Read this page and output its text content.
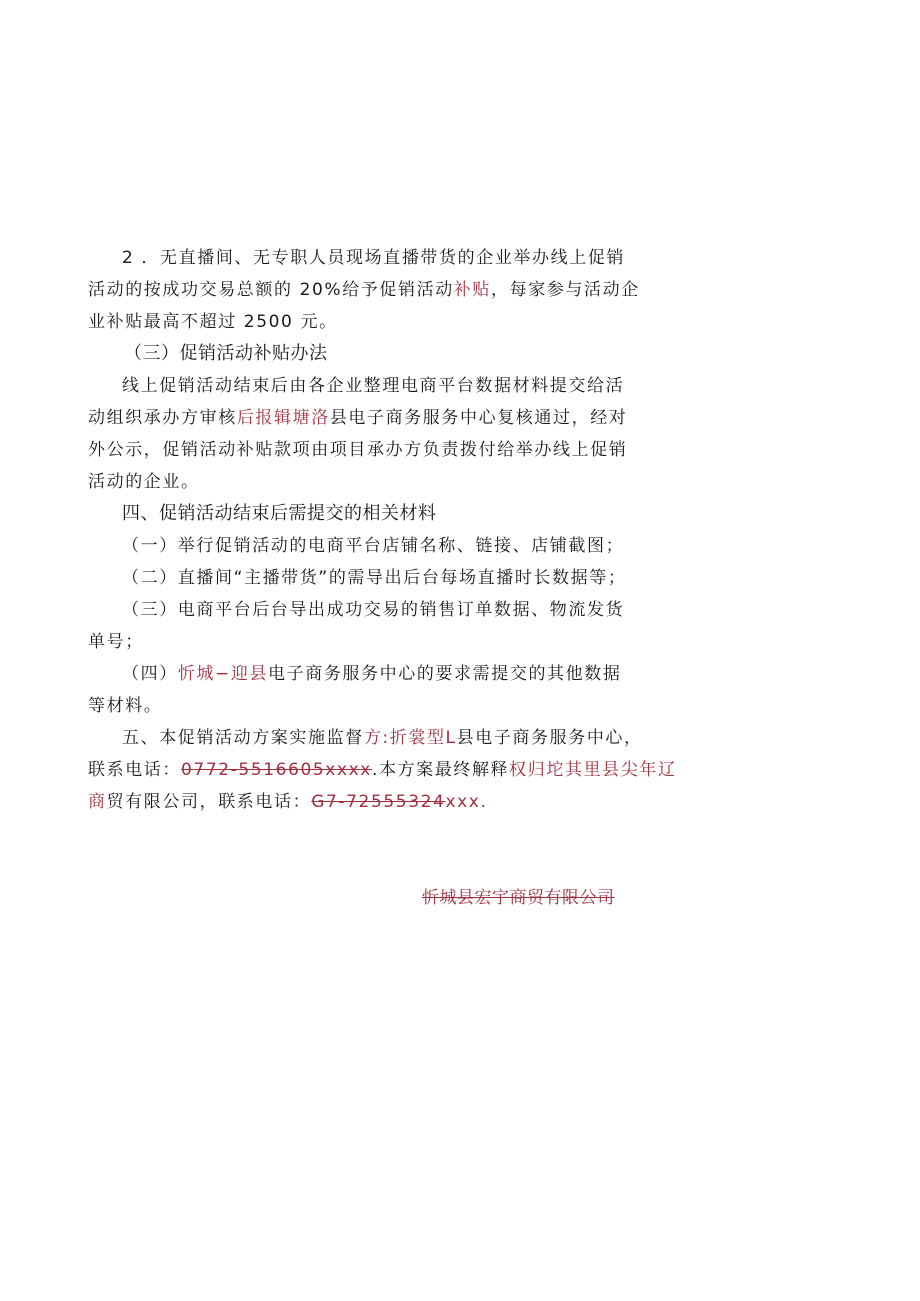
2 ．无直播间、无专职人员现场直播带货的企业举办线上促销
活动的按成功交易总额的 20%给予促销活动补贴，每家参与活动企
业补贴最高不超过 2500 元。
（三）促销活动补贴办法
线上促销活动结束后由各企业整理电商平台数据材料提交给活
动组织承办方审核后报辑塘洛县电子商务服务中心复核通过，经对
外公示，促销活动补贴款项由项目承办方负责拨付给举办线上促销
活动的企业。
四、促销活动结束后需提交的相关材料
（一）举行促销活动的电商平台店铺名称、链接、店铺截图；
（二）直播间“主播带货”的需导出后台每场直播时长数据等；
（三）电商平台后台导出成功交易的销售订单数据、物流发货
单号；
（四）忻城−迎县电子商务服务中心的要求需提交的其他数据
等材料。
五、本促销活动方案实施监督方:折裳型L县电子商务服务中心，
联系电话：0772-5516605xxxx.本方案最终解释权归坨其里县尖年辽
商贸有限公司，联系电话：G7-72555324xxx.
忻城县宏宇商贸有限公司
